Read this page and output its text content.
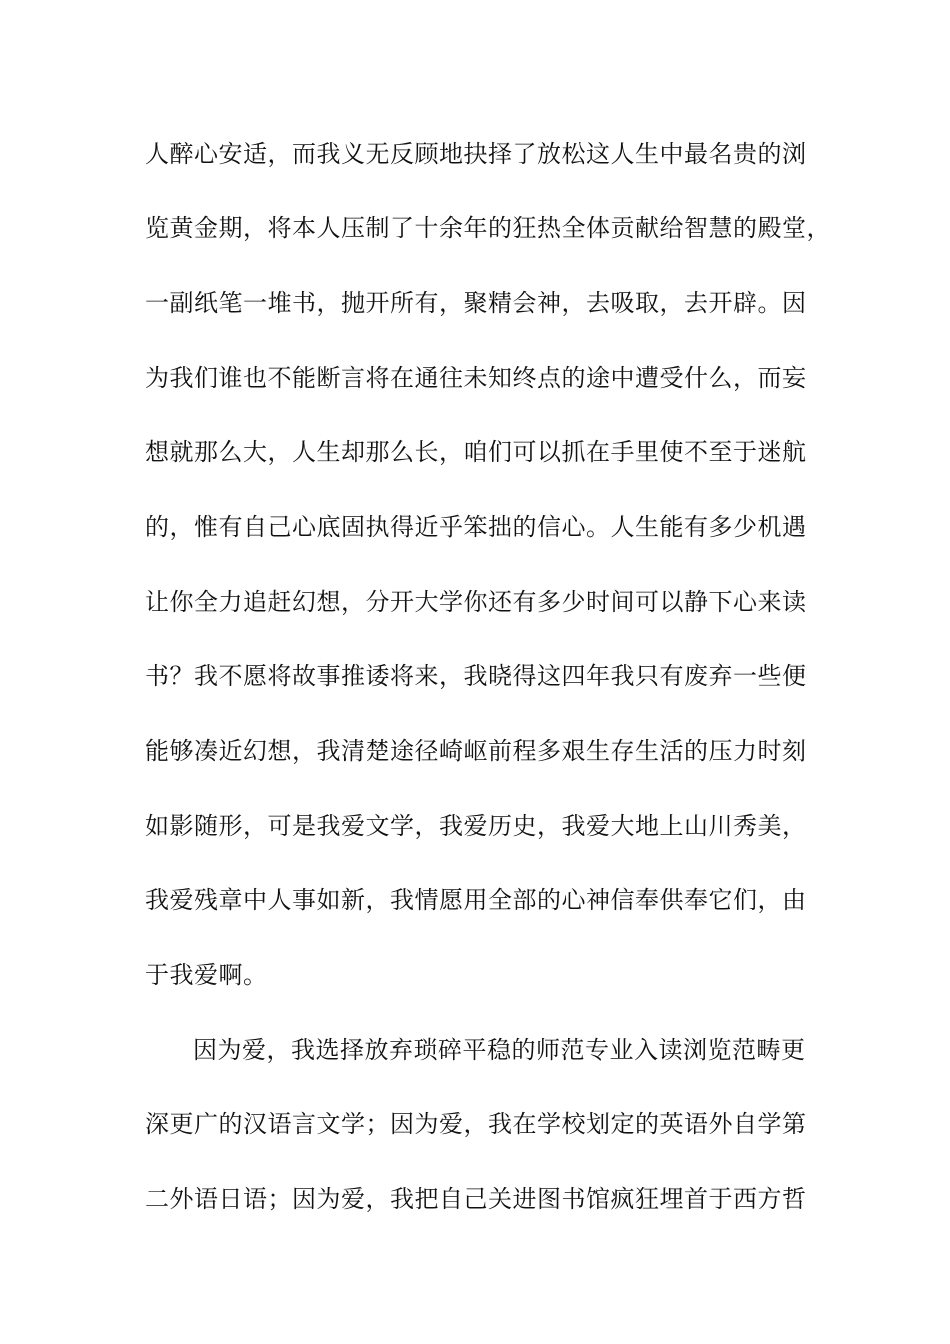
人醉心安适，而我义无反顾地抉择了放松这人生中最名贵的浏
览黄金期，将本人压制了十余年的狂热全体贡献给智慧的殿堂，
一副纸笔一堆书，抛开所有，聚精会神，去吸取，去开辟。因
为我们谁也不能断言将在通往未知终点的途中遭受什么，而妄
想就那么大，人生却那么长，咱们可以抓在手里使不至于迷航
的，惟有自己心底固执得近乎笨拙的信心。人生能有多少机遇
让你全力追赶幻想，分开大学你还有多少时间可以静下心来读
书？我不愿将故事推诿将来，我晓得这四年我只有废弃一些便
能够凑近幻想，我清楚途径崎岖前程多艰生存生活的压力时刻
如影随形，可是我爱文学，我爱历史，我爱大地上山川秀美，
我爱残章中人事如新，我情愿用全部的心神信奉供奉它们，由
于我爱啊。
因为爱，我选择放弃琐碎平稳的师范专业入读浏览范畴更
深更广的汉语言文学；因为爱，我在学校划定的英语外自学第
二外语日语；因为爱，我把自己关进图书馆疯狂埋首于西方哲
